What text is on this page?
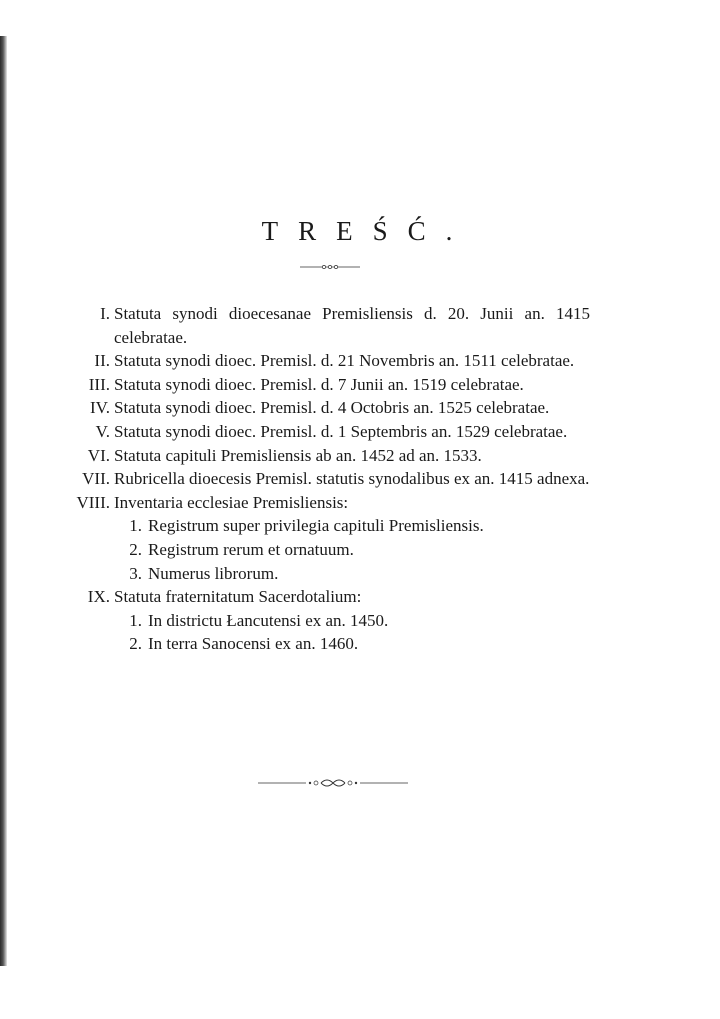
TREŚĆ.
I. Statuta synodi dioecesanae Premisliensis d. 20. Junii an. 1415 celebratae.
II. Statuta synodi dioec. Premisl. d. 21 Novembris an. 1511 celebratae.
III. Statuta synodi dioec. Premisl. d. 7 Junii an. 1519 celebratae.
IV. Statuta synodi dioec. Premisl. d. 4 Octobris an. 1525 celebratae.
V. Statuta synodi dioec. Premisl. d. 1 Septembris an. 1529 celebratae.
VI. Statuta capituli Premisliensis ab an. 1452 ad an. 1533.
VII. Rubricella dioecesis Premisl. statutis synodalibus ex an. 1415 adnexa.
VIII. Inventaria ecclesiae Premisliensis:
1. Registrum super privilegia capituli Premisliensis.
2. Registrum rerum et ornatuum.
3. Numerus librorum.
IX. Statuta fraternitatum Sacerdotalium:
1. In districtu Łancutensi ex an. 1450.
2. In terra Sanocensi ex an. 1460.
